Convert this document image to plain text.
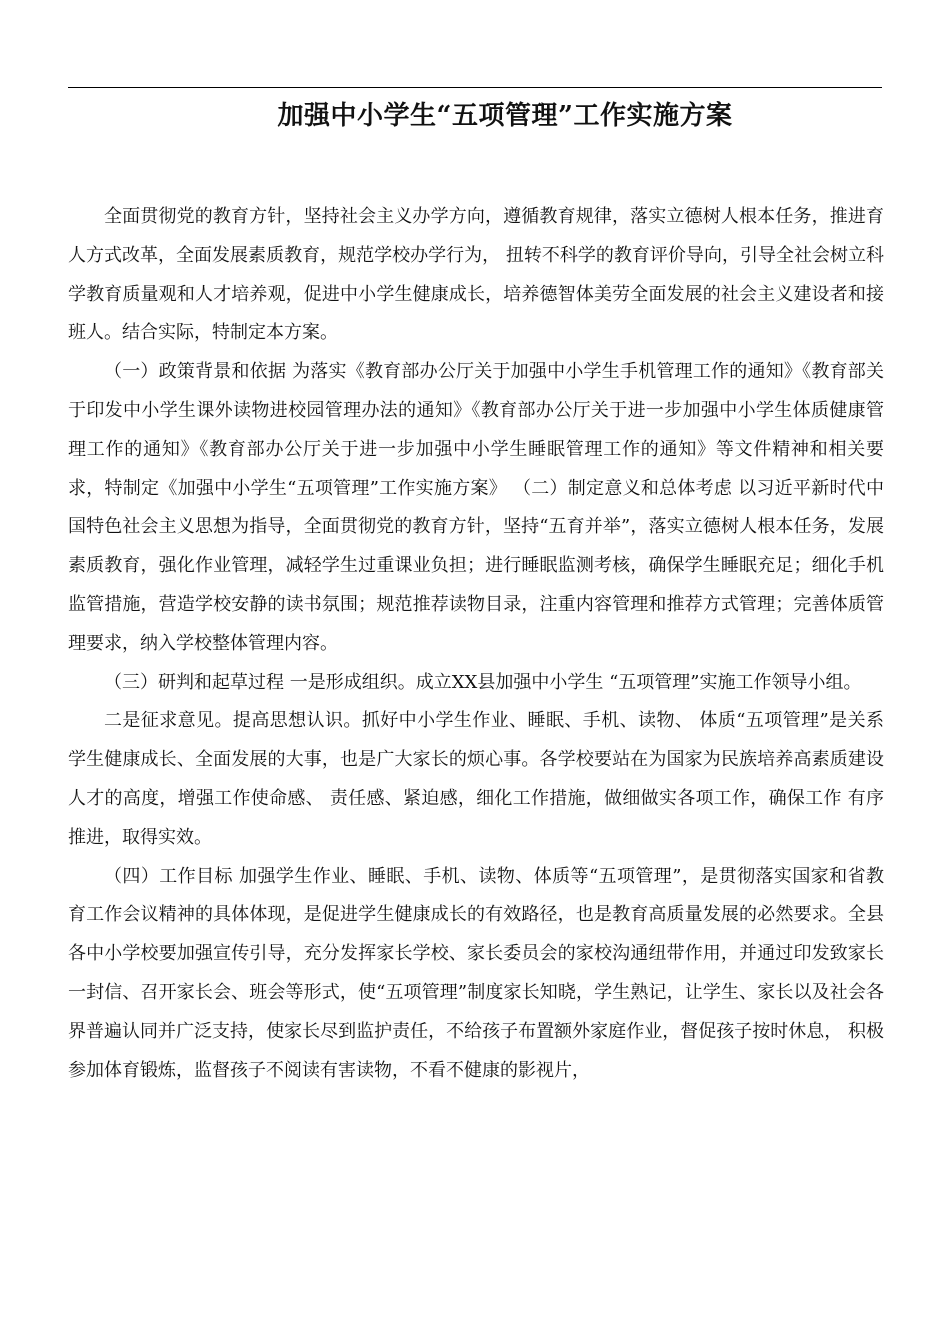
加强中小学生“五项管理”工作实施方案

全面贯彻党的教育方针，坚持社会主义办学方向，遵循教育规律，落实立德树人根本任务，推进育人方式改革，全面发展素质教育，规范学校办学行为， 扭转不科学的教育评价导向，引导全社会树立科学教育质量观和人才培养观，促进中小学生健康成长，培养德智体美劳全面发展的社会主义建设者和接班人。结合实际，特制定本方案。

（一）政策背景和依据 为落实《教育部办公厅关于加强中小学生手机管理工作的通知》《教育部关于印发中小学生课外读物进校园管理办法的通知》《教育部办公厅关于进一步加强中小学生体质健康管理工作的通知》《教育部办公厅关于进一步加强中小学生睡眠管理工作的通知》等文件精神和相关要求，特制定《加强中小学生“五项管理”工作实施方案》 （二）制定意义和总体考虑 以习近平新时代中国特色社会主义思想为指导，全面贯彻党的教育方针，坚持“五育并举”，落实立德树人根本任务，发展素质教育，强化作业管理，减轻学生过重课业负担；进行睡眠监测考核，确保学生睡眠充足；细化手机监管措施，营造学校安静的读书氛围；规范推荐读物目录，注重内容管理和推荐方式管理；完善体质管理要求，纳入学校整体管理内容。

（三）研判和起草过程 一是形成组织。成立XX县加强中小学生 “五项管理”实施工作领导小组。

二是征求意见。提高思想认识。抓好中小学生作业、睡眠、手机、读物、 体质“五项管理”是关系学生健康成长、全面发展的大事，也是广大家长的烦心事。各学校要站在为国家为民族培养高素质建设人才的高度，增强工作使命感、 责任感、紧迫感，细化工作措施，做细做实各项工作，确保工作 有序推进，取得实效。

（四）工作目标 加强学生作业、睡眠、手机、读物、体质等“五项管理”，是贯彻落实国家和省教育工作会议精神的具体体现，是促进学生健康成长的有效路径，也是教育高质量发展的必然要求。全县各中小学校要加强宣传引导，充分发挥家长学校、家长委员会的家校沟通纽带作用，并通过印发致家长一封信、召开家长会、班会等形式，使“五项管理”制度家长知晓，学生熟记，让学生、家长以及社会各界普遍认同并广泛支持，使家长尽到监护责任，不给孩子布置额外家庭作业，督促孩子按时休息， 积极参加体育锻炼，监督孩子不阅读有害读物，不看不健康的影视片，
